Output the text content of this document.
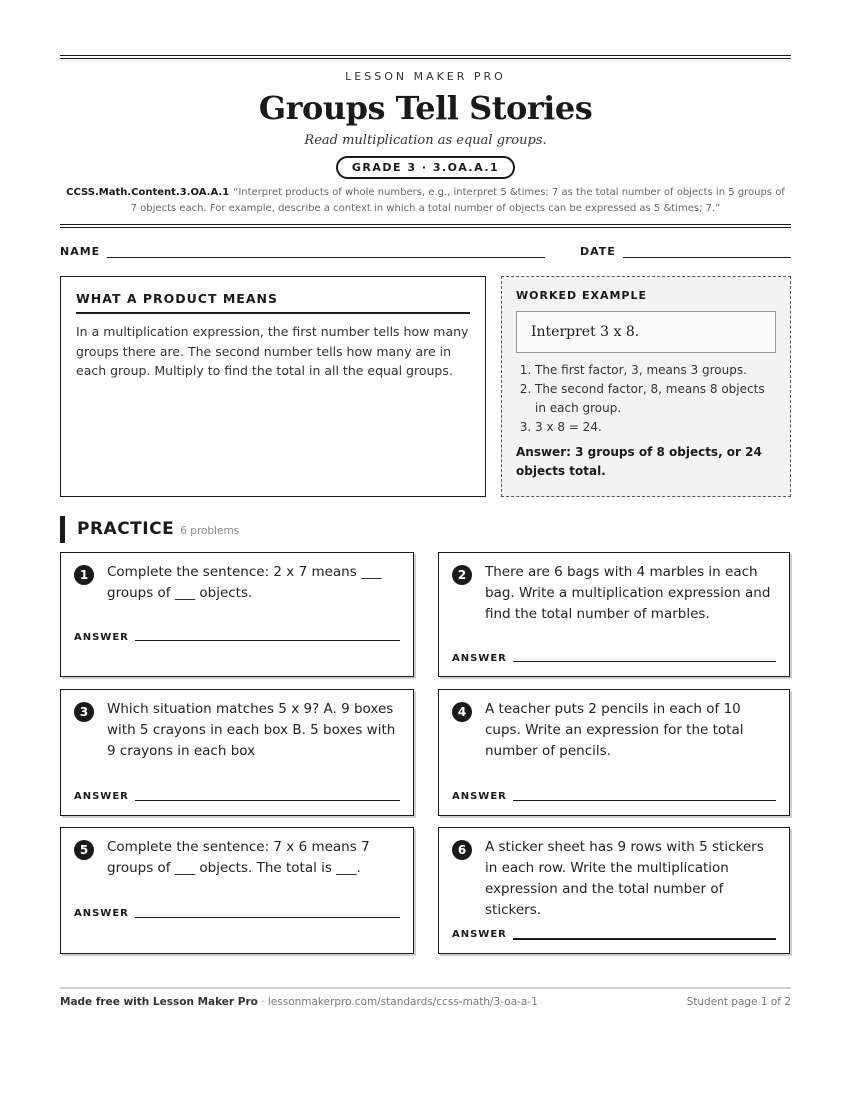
LESSON MAKER PRO
Groups Tell Stories
Read multiplication as equal groups.
GRADE 3 · 3.OA.A.1
CCSS.Math.Content.3.OA.A.1 “Interpret products of whole numbers, e.g., interpret 5 &times; 7 as the total number of objects in 5 groups of 7 objects each. For example, describe a context in which a total number of objects can be expressed as 5 &times; 7.”
NAME	DATE
WHAT A PRODUCT MEANS

In a multiplication expression, the first number tells how many groups there are. The second number tells how many are in each group. Multiply to find the total in all the equal groups.

WORKED EXAMPLE
Interpret 3 x 8.
1. The first factor, 3, means 3 groups.
2. The second factor, 8, means 8 objects in each group.
3. 3 x 8 = 24.
Answer: 3 groups of 8 objects, or 24 objects total.
PRACTICE 6 problems
1	Complete the sentence: 2 x 7 means ___ groups of ___ objects.
ANSWER
2	There are 6 bags with 4 marbles in each bag. Write a multiplication expression and find the total number of marbles.
ANSWER
3	Which situation matches 5 x 9? A. 9 boxes with 5 crayons in each box B. 5 boxes with 9 crayons in each box
ANSWER
4	A teacher puts 2 pencils in each of 10 cups. Write an expression for the total number of pencils.
ANSWER
5	Complete the sentence: 7 x 6 means 7 groups of ___ objects. The total is ___.
ANSWER
6	A sticker sheet has 9 rows with 5 stickers in each row. Write the multiplication expression and the total number of stickers.
ANSWER
Made free with Lesson Maker Pro · lessonmakerpro.com/standards/ccss-math/3-oa-a-1	Student page 1 of 2
